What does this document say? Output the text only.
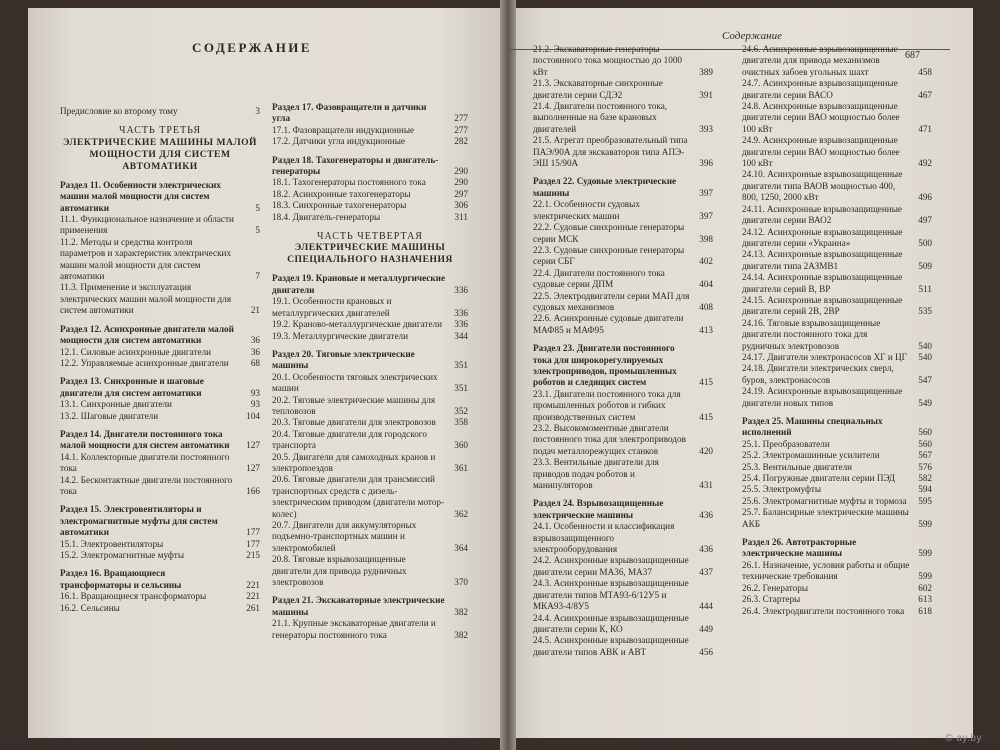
СОДЕРЖАНИЕ
Содержание
687
Предисловие ко второму тому	3
ЧАСТЬ ТРЕТЬЯ
ЭЛЕКТРИЧЕСКИЕ МАШИНЫ МАЛОЙ МОЩНОСТИ ДЛЯ СИСТЕМ АВТОМАТИКИ
Раздел 11. Особенности электрических машин малой мощности для систем автоматики	5
11.1. Функциональное назначение и области применения	5
11.2. Методы и средства контроля параметров и характеристик электрических машин малой мощности для систем автоматики	7
11.3. Применение и эксплуатация электрических машин малой мощности для систем автоматики	21
Раздел 12. Асинхронные двигатели малой мощности для систем автоматики	36
12.1. Силовые асинхронные двигатели	36
12.2. Управляемые асинхронные двигатели 68
Раздел 13. Синхронные и шаговые двигатели для систем автоматики	93
13.1. Синхронные двигатели	93
13.2. Шаговые двигатели	104
Раздел 14. Двигатели постоянного тока малой мощности для систем автоматики 127
14.1. Коллекторные двигатели постоянного тока	127
14.2. Бесконтактные двигатели постоянного тока	166
Раздел 15. Электровентиляторы и электромагнитные муфты для систем автоматики	177
15.1. Электровентиляторы	177
15.2. Электромагнитные муфты	215
Раздел 16. Вращающиеся трансформаторы и сельсины	221
16.1. Вращающиеся трансформаторы	221
16.2. Сельсины	261
Раздел 17. Фазовращатели и датчики угла	277
17.1. Фазовращатели индукционные	277
17.2. Датчики угла индукционные	282
Раздел 18. Тахогенераторы и двигатель-генераторы	290
18.1. Тахогенераторы постоянного тока	290
18.2. Асинхронные тахогенераторы	297
18.3. Синхронные тахогенераторы	306
18.4. Двигатель-генераторы	311
ЧАСТЬ ЧЕТВЕРТАЯ
ЭЛЕКТРИЧЕСКИЕ МАШИНЫ СПЕЦИАЛЬНОГО НАЗНАЧЕНИЯ
Раздел 19. Крановые и металлургические двигатели	336
19.1. Особенности крановых и металлургических двигателей	336
19.2. Краново-металлургические двигатели 336
19.3. Металлургические двигатели	344
Раздел 20. Тяговые электрические машины	351
20.1. Особенности тяговых электрических машин	351
20.2. Тяговые электрические машины для тепловозов	352
20.3. Тяговые двигатели для электровозов 358
20.4. Тяговые двигатели для городского транспорта	360
20.5. Двигатели для самоходных кранов и электропоездов	361
20.6. Тяговые двигатели для трансмиссий транспортных средств с дизель-электрическим приводом (двигатели мотор-колес)	362
20.7. Двигатели для аккумуляторных подъемно-транспортных машин и электромобилей	364
20.8. Тяговые взрывозащищенные двигатели для привода рудничных электровозов	370
Раздел 21. Экскаваторные электрические машины	382
21.1. Крупные экскаваторные двигатели и генераторы постоянного тока	382
21.2. Экскаваторные генераторы постоянного тока мощностью до 1000 кВт	389
21.3. Экскаваторные синхронные двигатели серии СДЭ2	391
21.4. Двигатели постоянного тока, выполненные на базе крановых двигателей	393
21.5. Агрегат преобразовательный типа ПАЭ/90А для экскаваторов типа АПЭ-ЭШ 15/90А	396
Раздел 22. Судовые электрические машины	397
22.1. Особенности судовых электрических машин	397
22.2. Судовые синхронные генераторы серии МСК	398
22.3. Судовые синхронные генераторы серии СБГ	402
22.4. Двигатели постоянного тока судовые серии ДПМ	404
22.5. Электродвигатели серии МАП для судовых механизмов	408
22.6. Асинхронные судовые двигатели МАФ85 и МАФ95	413
Раздел 23. Двигатели постоянного тока для широкорегулируемых электроприводов, промышленных роботов и следящих систем	415
23.1. Двигатели постоянного тока для промышленных роботов и гибких производственных систем	415
23.2. Высокомоментные двигатели постоянного тока для электроприводов подач металлорежущих станков	420
23.3. Вентильные двигатели для приводов подач роботов и манипуляторов	431
Раздел 24. Взрывозащищенные электрические машины	436
24.1. Особенности и классификация взрывозащищенного электрооборудования	436
24.2. Асинхронные взрывозащищенные двигатели серии МА36, МА37	437
24.3. Асинхронные взрывозащищенные двигатели типов МТА93-6/12У5 и МКА93-4/8У5	444
24.4. Асинхронные взрывозащищенные двигатели серии К, КО	449
24.5. Асинхронные взрывозащищенные двигатели типов АВК и АВТ	456
24.6. Асинхронные взрывозащищенные двигатели для привода механизмов очистных забоев угольных шахт	458
24.7. Асинхронные взрывозащищенные двигатели серии ВАСО	467
24.8. Асинхронные взрывозащищенные двигатели серии ВАО мощностью более 100 кВт	471
24.9. Асинхронные взрывозащищенные двигатели серии ВАО мощностью более 100 кВт	492
24.10. Асинхронные взрывозащищенные двигатели типа ВАОВ мощностью 400, 800, 1250, 2000 кВт	496
24.11. Асинхронные взрывозащищенные двигатели серии ВАО2	497
24.12. Асинхронные взрывозащищенные двигатели серии «Украина»	500
24.13. Асинхронные взрывозащищенные двигатели типа 2АЗМВ1	509
24.14. Асинхронные взрывозащищенные двигатели серий В, ВР	511
24.15. Асинхронные взрывозащищенные двигатели серий 2В, 2ВР	535
24.16. Тяговые взрывозащищенные двигатели постоянного тока для рудничных электровозов	540
24.17. Двигатели электронасосов ХГ и ЦГ 540
24.18. Двигатели электрических сверл, буров, электронасосов	547
24.19. Асинхронные взрывозащищенные двигатели новых типов	549
Раздел 25. Машины специальных исполнений	560
25.1. Преобразователи	560
25.2. Электромашинные усилители	567
25.3. Вентильные двигатели	576
25.4. Погружные двигатели серии ПЭД	582
25.5. Электромуфты	594
25.6. Электромагнитные муфты и тормоза 595
25.7. Балансирные электрические машины АКБ	599
Раздел 26. Автотракторные электрические машины	599
26.1. Назначение, условия работы и общие технические требования	599
26.2. Генераторы	602
26.3. Стартеры	613
26.4. Электродвигатели постоянного тока 618
© ay.by
